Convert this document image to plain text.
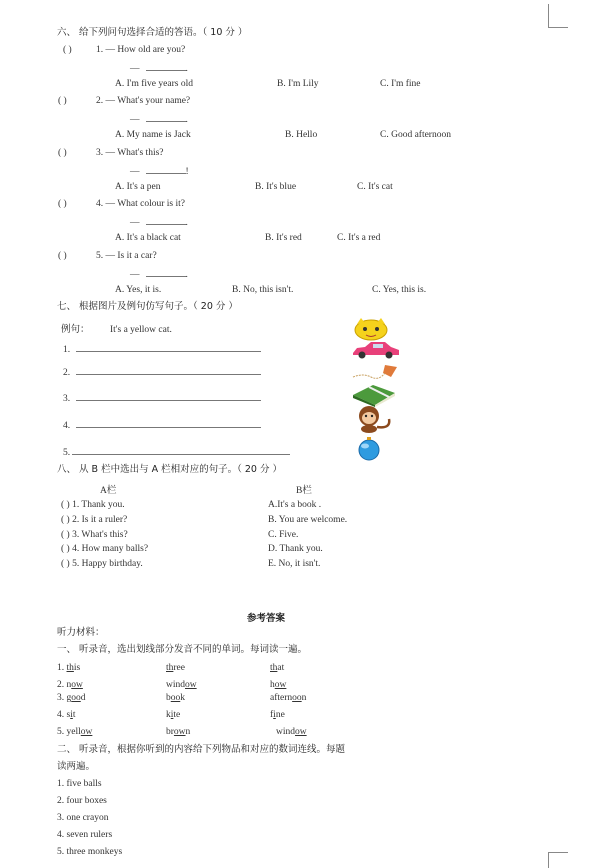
六、 给下列问句选择合适的答语。（ 10 分 ）
( )	1. — How old are you?
—	.
A. I'm five years old	B. I'm Lily	C. I'm fine
( )	2. — What's your name?
—	.
A. My name is Jack	B. Hello	C. Good afternoon
( )	3. — What's this?
—	!
A. It's a pen	B. It's blue	C. It's cat
( )	4. — What colour is it?
—	.
A. It's a black cat	B. It's red	C. It's a red
( )	5. — Is it a car?
—	.
A. Yes, it is.	B. No, this isn't.	C. Yes, this is.
七、 根据图片及例句仿写句子。（ 20 分 ）
例句： It's a yellow cat.
1.
2.
3.
4.
5.
八、 从 B 栏中选出与 A 栏相对应的句子。（ 20 分 ）
A栏	B栏
( ) 1. Thank you.	A.It's a book .
( ) 2. Is it a ruler?	B. You are welcome.
( ) 3. What's this?	C. Five.
( ) 4. How many balls?	D. Thank you.
( ) 5. Happy birthday.	E. No, it isn't.
参考答案
听力材料：
一、 听录音，选出划线部分发音不同的单词。每词读一遍。
1. this	three	that
2. now	window	how
3. good	book	afternoon
4. sit	kite	fine
5. yellow	brown	window
二、 听录音，根据你听到的内容给下列物品和对应的数词连线。每题
读两遍。
1. five balls
2. four boxes
3. one crayon
4. seven rulers
5. three monkeys
